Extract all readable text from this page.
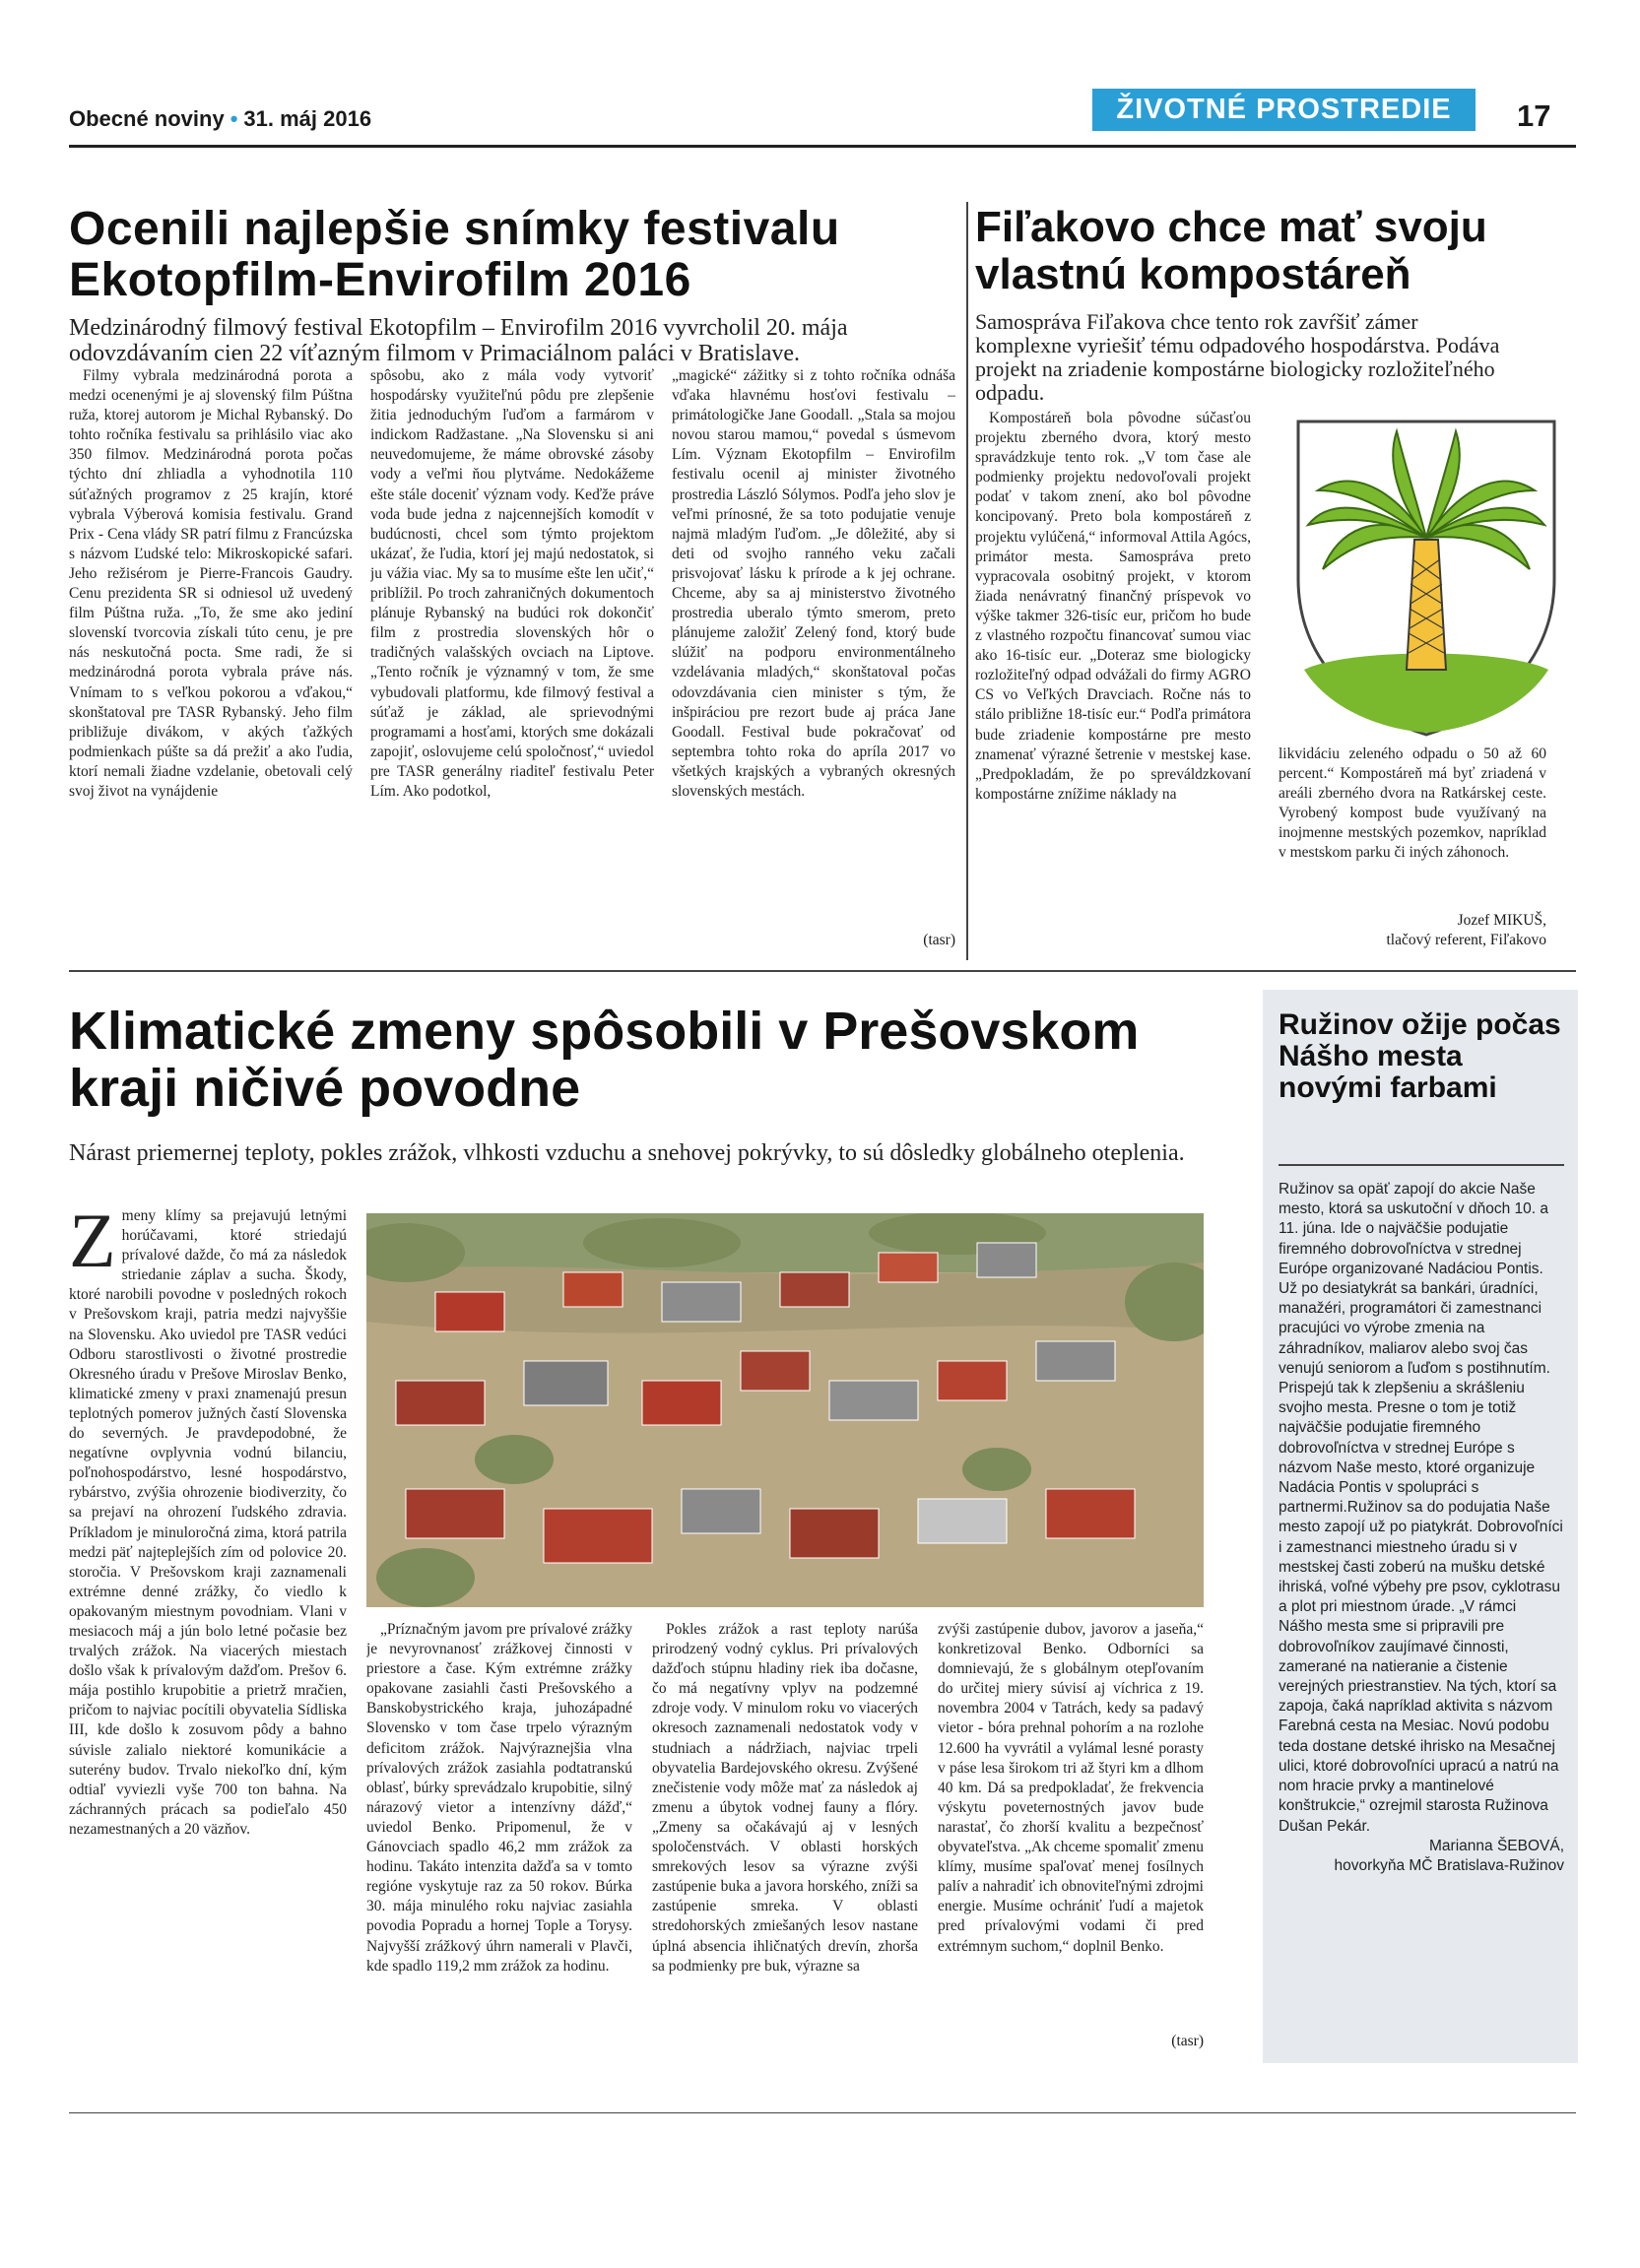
Obecné noviny • 31. máj 2016	ŽIVOTNÉ PROSTREDIE	17
Ocenili najlepšie snímky festivalu Ekotopfilm-Envirofilm 2016
Medzinárodný filmový festival Ekotopfilm – Envirofilm 2016 vyvrcholil 20. mája odovzdávaním cien 22 víťazným filmom v Primaciálnom paláci v Bratislave.

Filmy vybrala medzinárodná porota a medzi ocenenými je aj slovenský film Púštna ruža, ktorej autorom je Michal Rybanský. Do tohto ročníka festivalu sa prihlásilo viac ako 350 filmov. Medzinárodná porota počas týchto dní zhliadla a vyhodnotila 110 súťažných programov z 25 krajín, ktoré vybrala Výberová komisia festivalu. Grand Prix - Cena vlády SR patrí filmu z Francúzska s názvom Ľudské telo: Mikroskopické safari. Jeho režisérom je Pierre-Francois Gaudry. Cenu prezidenta SR si odniesol už uvedený film Púštna ruža. „To, že sme ako jediní slovenskí tvorcovia získali túto cenu, je pre nás neskutočná pocta. Sme radi, že si medzinárodná porota vybrala práve nás. Vnímam to s veľkou pokorou a vďakou,“ skonštatoval pre TASR Rybanský. Jeho film približuje divákom, v akých ťažkých podmienkach púšte sa dá prežiť a ako ľudia, ktorí nemali žiadne vzdelanie, obetovali celý svoj život na vynájdenie

spôsobu, ako z mála vody vytvoriť hospodársky využiteľnú pôdu pre zlepšenie žitia jednoduchým ľuďom a farmárom v indickom Radžastane. „Na Slovensku si ani neuvedomujeme, že máme obrovské zásoby vody a veľmi ňou plytváme. Nedokážeme ešte stále doceniť význam vody. Keďže práve voda bude jedna z najcennejších komodít v budúcnosti, chcel som týmto projektom ukázať, že ľudia, ktorí jej majú nedostatok, si ju vážia viac. My sa to musíme ešte len učiť,“ priblížil. Po troch zahraničných dokumentoch plánuje Rybanský na budúci rok dokončiť film z prostredia slovenských hôr o tradičných valašských ovciach na Liptove. „Tento ročník je významný v tom, že sme vybudovali platformu, kde filmový festival a súťaž je základ, ale sprievodnými programami a hosťami, ktorých sme dokázali zapojiť, oslovujeme celú spoločnosť,“ uviedol pre TASR generálny riaditeľ festivalu Peter Lím. Ako podotkol,

„magické“ zážitky si z tohto ročníka odnáša vďaka hlavnému hosťovi festivalu – primátologičke Jane Goodall. „Stala sa mojou novou starou mamou,“ povedal s úsmevom Lím. Význam Ekotopfilm – Envirofilm festivalu ocenil aj minister životného prostredia László Sólymos. Podľa jeho slov je veľmi prínosné, že sa toto podujatie venuje najmä mladým ľuďom. „Je dôležité, aby si deti od svojho ranného veku začali prisvojovať lásku k prírode a k jej ochrane. Chceme, aby sa aj ministerstvo životného prostredia uberalo týmto smerom, preto plánujeme založiť Zelený fond, ktorý bude slúžiť na podporu environmentálneho vzdelávania mladých,“ skonštatoval počas odovzdávania cien minister s tým, že inšpiráciou pre rezort bude aj práca Jane Goodall. Festival bude pokračovať od septembra tohto roka do apríla 2017 vo všetkých krajských a vybraných okresných slovenských mestách.

(tasr)
Fiľakovo chce mať svoju vlastnú kompostáreň
Samospráva Fiľakova chce tento rok zavŕšiť zámer komplexne vyriešiť tému odpadového hospodárstva. Podáva projekt na zriadenie kompostárne biologicky rozložiteľného odpadu.

Kompostáreň bola pôvodne súčasťou projektu zberného dvora, ktorý mesto spravádzkuje tento rok. „V tom čase ale podmienky projektu nedovoľovali projekt podať v takom znení, ako bol pôvodne koncipovaný. Preto bola kompostáreň z projektu vylúčená,“ informoval Attila Agócs, primátor mesta. Samospráva preto vypracovala osobitný projekt, v ktorom žiada nenávratný finančný príspevok vo výške takmer 326-tisíc eur, pričom ho bude z vlastného rozpočtu financovať sumou viac ako 16-tisíc eur. „Doteraz sme biologicky rozložiteľný odpad odvážali do firmy AGRO CS vo Veľkých Dravciach. Ročne nás to stálo približne 18-tisíc eur.“ Podľa primátora bude zriadenie kompostárne pre mesto znamenať výrazné šetrenie v mestskej kase. „Predpokladám, že po spreváldzkovaní kompostárne znížime náklady na

likvidáciu zeleného odpadu o 50 až 60 percent.“ Kompostáreň má byť zriadená v areáli zberného dvora na Ratkárskej ceste. Vyrobený kompost bude využívaný na inojmenne mestských pozemkov, napríklad v mestskom parku či iných záhonoch.

Jozef MIKUŠ,
tlačový referent, Fiľakovo
Klimatické zmeny spôsobili v Prešovskom kraji ničivé povodne
Nárast priemernej teploty, pokles zrážok, vlhkosti vzduchu a snehovej pokrývky, to sú dôsledky globálneho oteplenia.
Zmeny klímy sa prejavujú letnými horúčavami, ktoré striedajú prívalové dažde, čo má za následok striedanie záplav a sucha. Škody, ktoré narobili povodne v posledných rokoch v Prešovskom kraji, patria medzi najvyššie na Slovensku. Ako uviedol pre TASR vedúci Odboru starostlivosti o životné prostredie Okresného úradu v Prešove Miroslav Benko, klimatické zmeny v praxi znamenajú presun teplotných pomerov južných častí Slovenska do severných. Je pravdepodobné, že negatívne ovplyvnia vodnú bilanciu, poľnohospodárstvo, lesné hospodárstvo, rybárstvo, zvýšia ohrozenie biodiverzity, čo sa prejaví na ohrození ľudského zdravia. Príkladom je minuloročná zima, ktorá patrila medzi päť najteplejších zím od polovice 20. storočia. V Prešovskom kraji zaznamenali extrémne denné zrážky, čo viedlo k opakovaným miestnym povodniam. Vlani v mesiacoch máj a jún bolo letné počasie bez trvalých zrážok. Na viacerých miestach došlo však k prívalovým dažďom. Prešov 6. mája postihlo krupobitie a prietrž mračien, pričom to najviac pocítili obyvatelia Sídliska III, kde došlo k zosuvom pôdy a bahno súvisle zalialo niektoré komunikácie a suterény budov. Trvalo niekoľko dní, kým odtiaľ vyviezli vyše 700 ton bahna. Na záchranných prácach sa podieľalo 450 nezamestnaných a 20 väzňov.

„Príznačným javom pre prívalové zrážky je nevyrovnanosť zrážkovej činnosti v priestore a čase. Kým extrémne zrážky opakovane zasiahli časti Prešovského a Banskobystrického kraja, juhozápadné Slovensko v tom čase trpelo výrazným deficitom zrážok. Najvýraznejšia vlna prívalových zrážok zasiahla podtatranskú oblasť, búrky sprevádzalo krupobitie, silný nárazový vietor a intenzívny dážď,“ uviedol Benko. Pripomenul, že v Gánovciach spadlo 46,2 mm zrážok za hodinu. Takáto intenzita dažďa sa v tomto regióne vyskytuje raz za 50 rokov. Búrka 30. mája minulého roku najviac zasiahla povodia Popradu a hornej Toplе a Torysy. Najvyšší zrážkový úhrn namerali v Plavči, kde spadlo 119,2 mm zrážok za hodinu.

Pokles zrážok a rast teploty narúša prirodzený vodný cyklus. Pri prívalových dažďoch stúpnu hladiny riek iba dočasne, čo má negatívny vplyv na podzemné zdroje vody. V minulom roku vo viacerých okresoch zaznamenali nedostatok vody v studniach a nádržiach, najviac trpeli obyvatelia Bardejovského okresu. Zvýšené znečistenie vody môže mať za následok aj zmenu a úbytok vodnej fauny a flóry. „Zmeny sa očakávajú aj v lesných spoločenstvách. V oblasti horských smrekových lesov sa výrazne zvýši zastúpenie buka a javora horského, zníži sa zastúpenie smreka. V oblasti stredohorských zmiešaných lesov nastane úplná absencia ihličnatých drevín, zhorša sa podmienky pre buk, výrazne sa

zvýši zastúpenie dubov, javorov a jaseňa,“ konkretizoval Benko. Odborníci sa domnievajú, že s globálnym otepľovaním do určitej miery súvisí aj víchrica z 19. novembra 2004 v Tatrách, kedy sa padavý vietor - bóra prehnal pohorím a na rozlohe 12.600 ha vyvrátil a vylámal lesné porasty v páse lesa širokom tri až štyri km a dlhom 40 km. Dá sa predpokladať, že frekvencia výskytu poveternostných javov bude narastať, čo zhorší kvalitu a bezpečnosť obyvateľstva. „Ak chceme spomaliť zmenu klímy, musíme spaľovať menej fosílnych palív a nahradiť ich obnoviteľnými zdrojmi energie. Musíme ochrániť ľudí a majetok pred prívalovými vodami či pred extrémnym suchom,“ doplnil Benko.

(tasr)
Ružinov ožije počas Nášho mesta novými farbami

Ružinov sa opäť zapojí do akcie Naše mesto, ktorá sa uskutoční v dňoch 10. a 11. júna. Ide o najväčšie podujatie firemného dobrovoľníctva v strednej Európe organizované Nadáciou Pontis. Už po desiatykrát sa bankári, úradníci, manažéri, programátori či zamestnanci pracujúci vo výrobe zmenia na záhradníkov, maliarov alebo svoj čas venujú seniorom a ľuďom s postihnutím. Prispejú tak k zlepšeniu a skrášleniu svojho mesta. Presne o tom je totiž najväčšie podujatie firemného dobrovoľníctva v strednej Európe s názvom Naše mesto, ktoré organizuje Nadácia Pontis v spolupráci s partnermi.Ružinov sa do podujatia Naše mesto zapojí už po piatykrát. Dobrovoľníci i zamestnanci miestneho úradu si v mestskej časti zoberú na mušku detské ihriská, voľné výbehy pre psov, cyklotrasu a plot pri miestnom úrade. „V rámci Nášho mesta sme si pripravili pre dobrovoľníkov zaujímavé činnosti, zamerané na natieranie a čistenie verejných priestranstiev. Na tých, ktorí sa zapoja, čaká napríklad aktivita s názvom Farebná cesta na Mesiac. Novú podobu teda dostane detské ihrisko na Mesačnej ulici, ktoré dobrovoľníci upracú a natrú na nom hracie prvky a mantinelové konštrukcie,“ ozrejmil starosta Ružinova Dušan Pekár.

Marianna ŠEBOVÁ,

hovorkyňa MČ Bratislava-Ružinov
